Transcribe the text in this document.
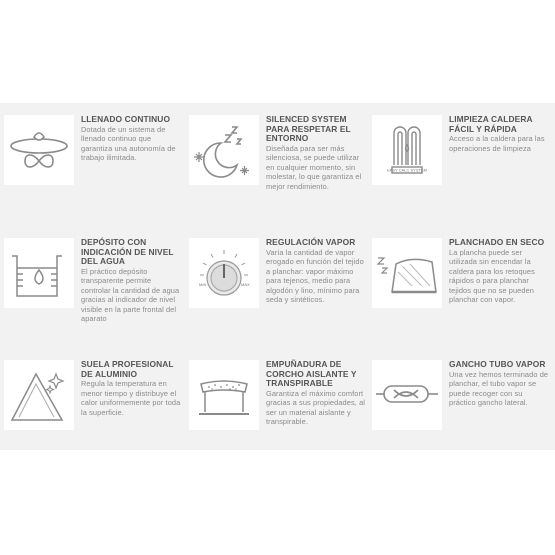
LLENADO CONTINUO
Dotada de un sistema de llenado continuo que garantiza una autonomía de trabajo ilimitada.
SILENCED SYSTEM PARA RESPETAR EL ENTORNO
Diseñada para ser más silenciosa, se puede utilizar en cualquier momento, sin molestar, lo que garantiza el mejor rendimiento.
EASY CALC SYSTEM
LIMPIEZA CALDERA FÁCIL Y RÁPIDA
Acceso a la caldera para las operaciones de limpieza
DEPÓSITO CON INDICACIÓN DE NIVEL DEL AGUA
El práctico depósito transparente permite controlar la cantidad de agua gracias al indicador de nivel visible en la parte frontal del aparato
MIN	MAX
REGULACIÓN VAPOR
Varía la cantidad de vapor erogado en función del tejido a planchar: vapor máximo para tejenos, medio para algodón y lino, mínimo para seda y sintéticos.
PLANCHADO EN SECO
La plancha puede ser utilizada sin encendar la caldera para los retoques rápidos o para planchar tejidos que no se pueden planchar con vapor.
SUELA PROFESIONAL DE ALUMINIO
Regula la temperatura en menor tiempo y distribuye el calor uniformemente por toda la superficie.
EMPUÑADURA DE CORCHO AISLANTE Y TRANSPIRABLE
Garantiza el máximo comfort gracias a sus propiedades, al ser un material aislante y transpirable.
GANCHO TUBO VAPOR
Una vez hemos terminado de planchar, el tubo vapor se puede recoger con su práctico gancho lateral.
